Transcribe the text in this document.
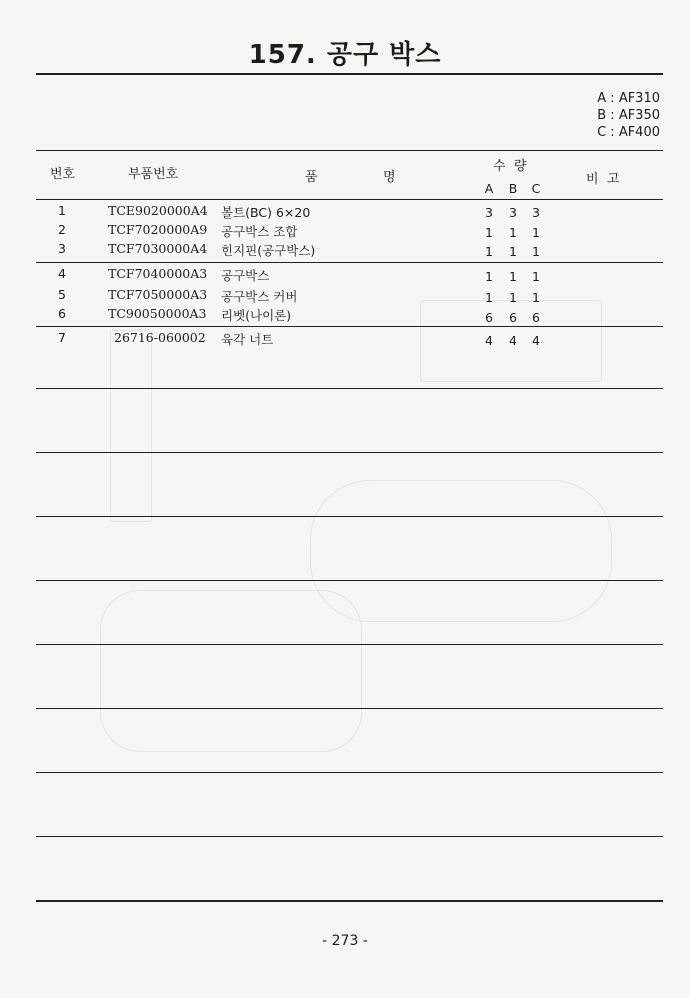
157. 공구 박스
A : AF310
B : AF350
C : AF400
번호	부품번호	품	명
수  량
비  고
A B C
1	TCE9020000A4 볼트(BC) 6×20	3	3	3
2	TCF7020000A9 공구박스 조합	1	1	1
3	TCF7030000A4 힌지핀(공구박스)	1	1	1
4	TCF7040000A3 공구박스	1	1	1
5	TCF7050000A3 공구박스 커버	1	1	1
6	TC90050000A3 리벳(나이론)	6	6	6
7	26716-060002 육각 너트	4	4	4
- 273 -
